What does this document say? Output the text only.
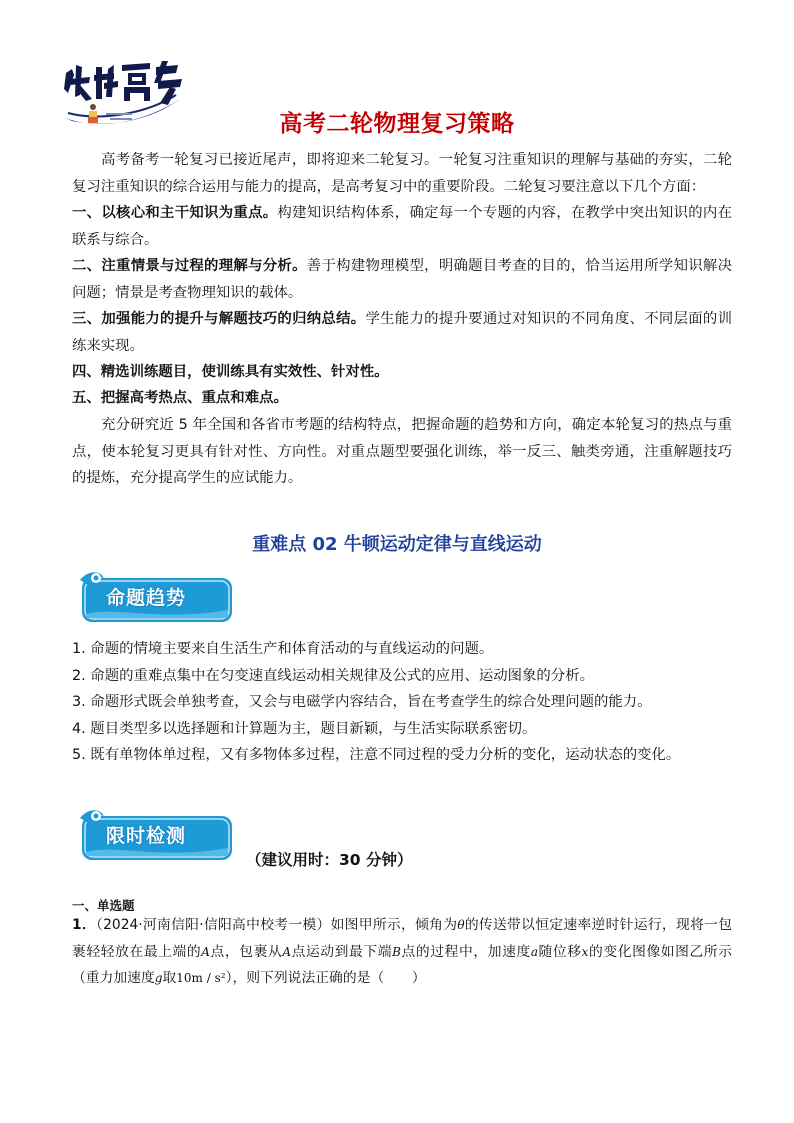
高考二轮物理复习策略
高考备考一轮复习已接近尾声，即将迎来二轮复习。一轮复习注重知识的理解与基础的夯实，二轮复习注重知识的综合运用与能力的提高，是高考复习中的重要阶段。二轮复习要注意以下几个方面：
一、以核心和主干知识为重点。构建知识结构体系，确定每一个专题的内容，在教学中突出知识的内在联系与综合。
二、注重情景与过程的理解与分析。善于构建物理模型，明确题目考查的目的，恰当运用所学知识解决问题；情景是考查物理知识的载体。
三、加强能力的提升与解题技巧的归纳总结。学生能力的提升要通过对知识的不同角度、不同层面的训练来实现。
四、精选训练题目，使训练具有实效性、针对性。
五、把握高考热点、重点和难点。
充分研究近 5 年全国和各省市考题的结构特点，把握命题的趋势和方向，确定本轮复习的热点与重点，使本轮复习更具有针对性、方向性。对重点题型要强化训练，举一反三、触类旁通，注重解题技巧的提炼，充分提高学生的应试能力。
重难点 02 牛顿运动定律与直线运动
命题趋势
1. 命题的情境主要来自生活生产和体育活动的与直线运动的问题。
2. 命题的重难点集中在匀变速直线运动相关规律及公式的应用、运动图象的分析。
3. 命题形式既会单独考查，又会与电磁学内容结合，旨在考查学生的综合处理问题的能力。
4. 题目类型多以选择题和计算题为主，题目新颖，与生活实际联系密切。
5. 既有单物体单过程，又有多物体多过程，注意不同过程的受力分析的变化，运动状态的变化。
限时检测
（建议用时：30 分钟）
一、单选题
1．（2024·河南信阳·信阳高中校考一模）如图甲所示，倾角为θ的传送带以恒定速率逆时针运行，现将一包裹轻轻放在最上端的A点，包裹从A点运动到最下端B点的过程中，加速度a随位移x的变化图像如图乙所示（重力加速度g取10m / s²），则下列说法正确的是（　　）
